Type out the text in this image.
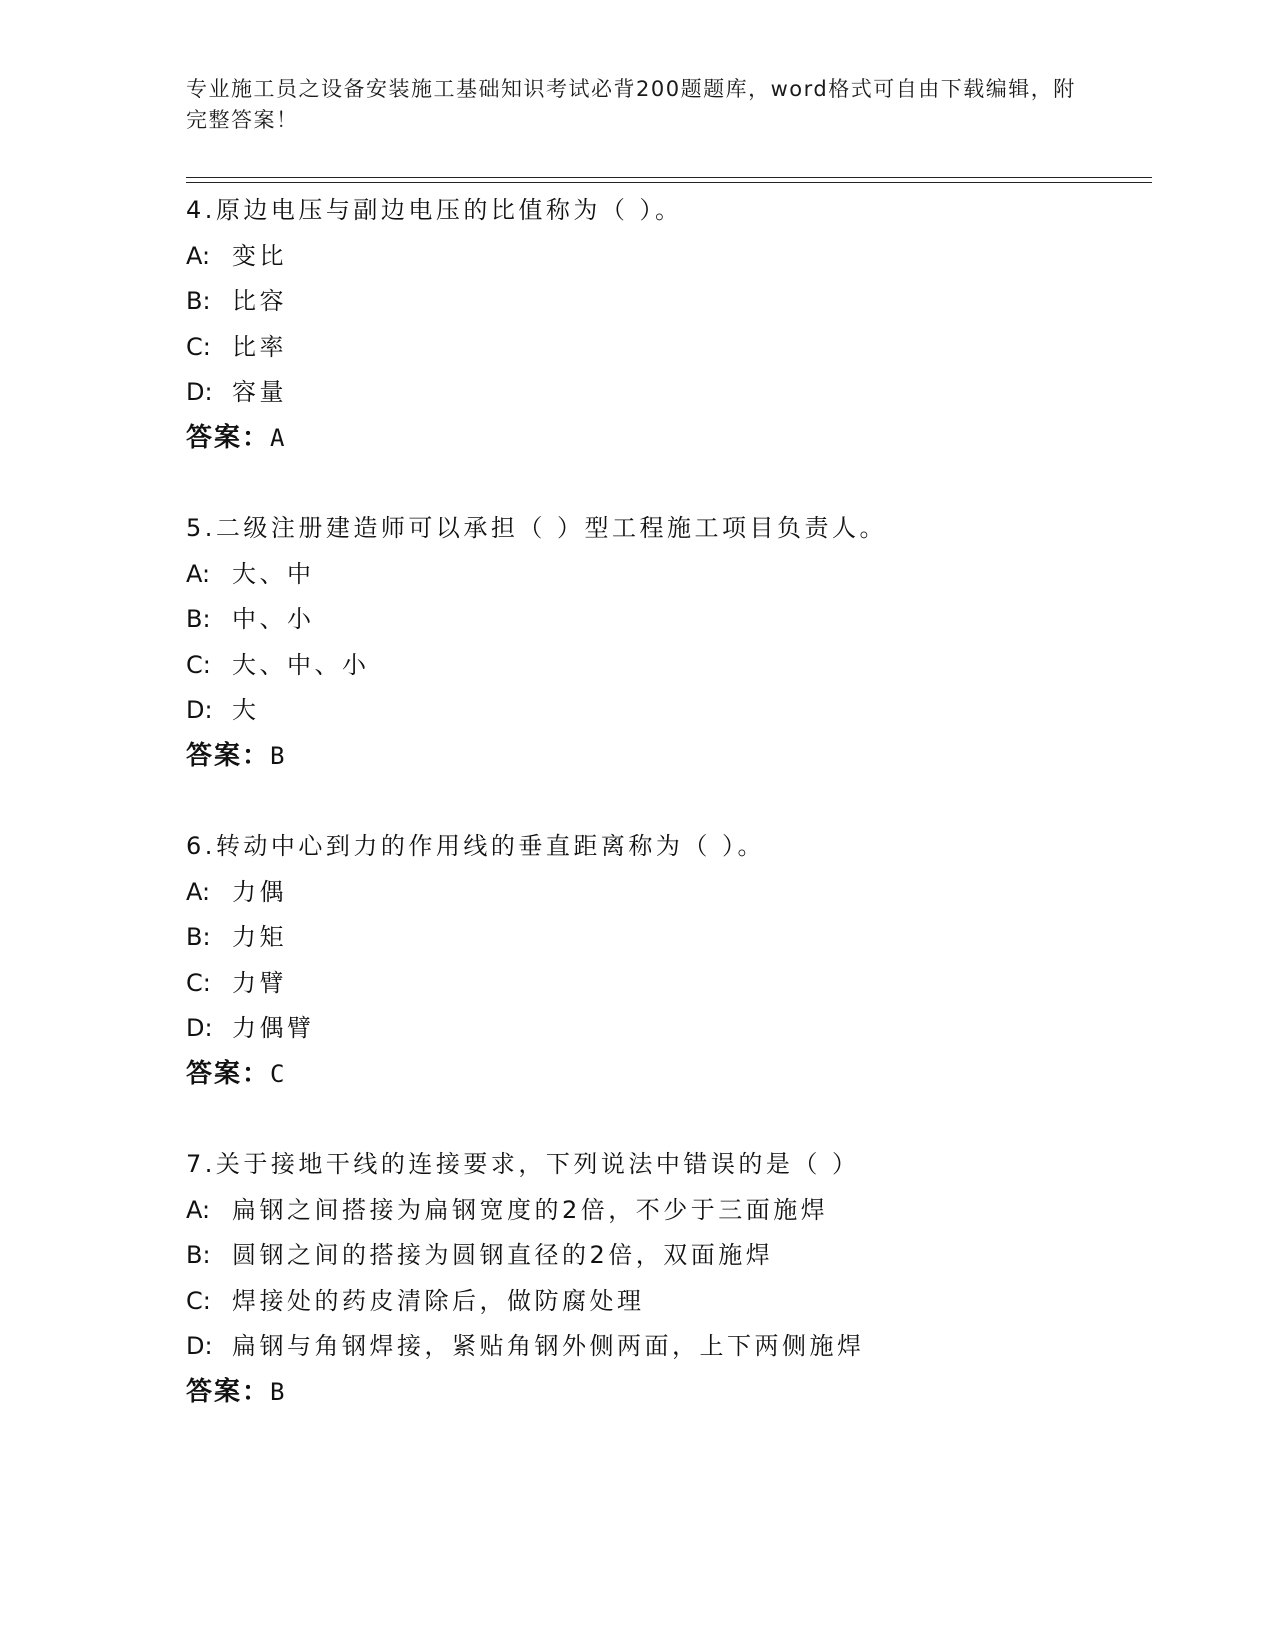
专业施工员之设备安装施工基础知识考试必背200题题库，word格式可自由下载编辑，附完整答案！
4.原边电压与副边电压的比值称为（ ）。
A: 变比
B: 比容
C: 比率
D: 容量
答案：A
5.二级注册建造师可以承担（ ）型工程施工项目负责人。
A: 大、中
B: 中、小
C: 大、中、小
D: 大
答案：B
6.转动中心到力的作用线的垂直距离称为（ ）。
A: 力偶
B: 力矩
C: 力臂
D: 力偶臂
答案：C
7.关于接地干线的连接要求，下列说法中错误的是（ ）
A: 扁钢之间搭接为扁钢宽度的2倍，不少于三面施焊
B: 圆钢之间的搭接为圆钢直径的2倍，双面施焊
C: 焊接处的药皮清除后，做防腐处理
D: 扁钢与角钢焊接，紧贴角钢外侧两面，上下两侧施焊
答案：B
